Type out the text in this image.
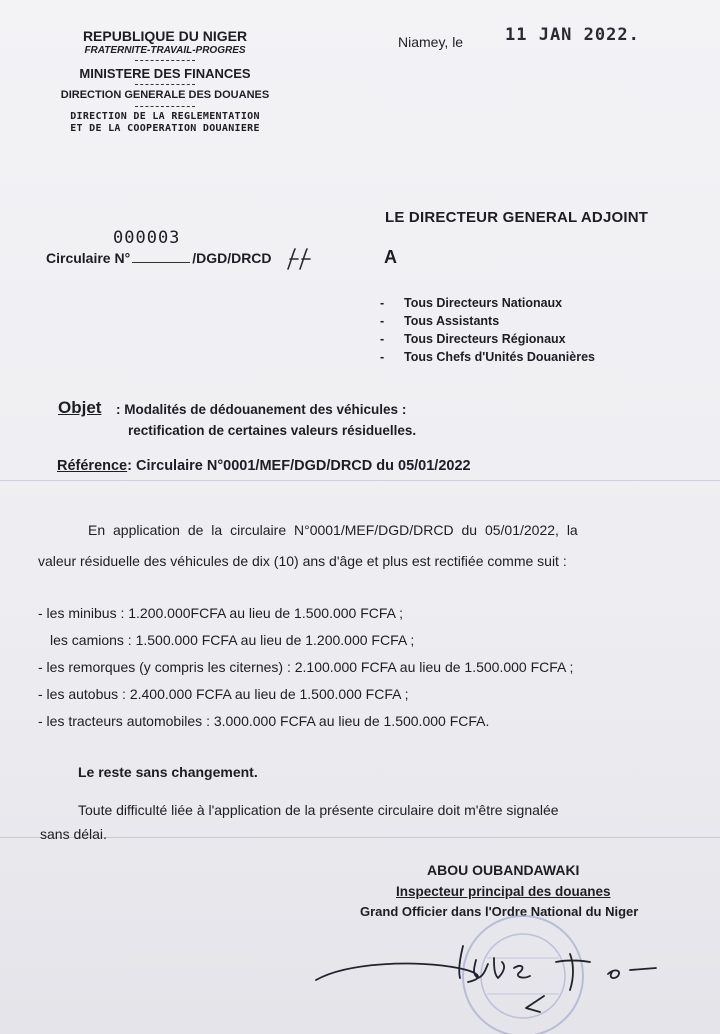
REPUBLIQUE DU NIGER
FRATERNITE-TRAVAIL-PROGRES
MINISTERE DES FINANCES
DIRECTION GENERALE DES DOUANES
DIRECTION DE LA REGLEMENTATION
ET DE LA COOPERATION DOUANIERE
Niamey, le 11 JAN 2022.
000003
Circulaire N°	/DGD/DRCD
LE DIRECTEUR GENERAL ADJOINT
A
- Tous Directeurs Nationaux
- Tous Assistants
- Tous Directeurs Régionaux
- Tous Chefs d'Unités Douanières
Objet : Modalités de dédouanement des véhicules :
rectification de certaines valeurs résiduelles.
Référence: Circulaire N°0001/MEF/DGD/DRCD du 05/01/2022
En application de la circulaire N°0001/MEF/DGD/DRCD du 05/01/2022, la
valeur résiduelle des véhicules de dix (10) ans d'âge et plus est rectifiée comme suit :
- les minibus : 1.200.000FCFA au lieu de 1.500.000 FCFA ;
les camions : 1.500.000 FCFA au lieu de 1.200.000 FCFA ;
- les remorques (y compris les citernes) : 2.100.000 FCFA au lieu de 1.500.000 FCFA ;
- les autobus : 2.400.000 FCFA au lieu de 1.500.000 FCFA ;
- les tracteurs automobiles : 3.000.000 FCFA au lieu de 1.500.000 FCFA.
Le reste sans changement.
Toute difficulté liée à l'application de la présente circulaire doit m'être signalée
sans délai.
ABOU OUBANDAWAKI
Inspecteur principal des douanes
Grand Officier dans l'Ordre National du Niger
